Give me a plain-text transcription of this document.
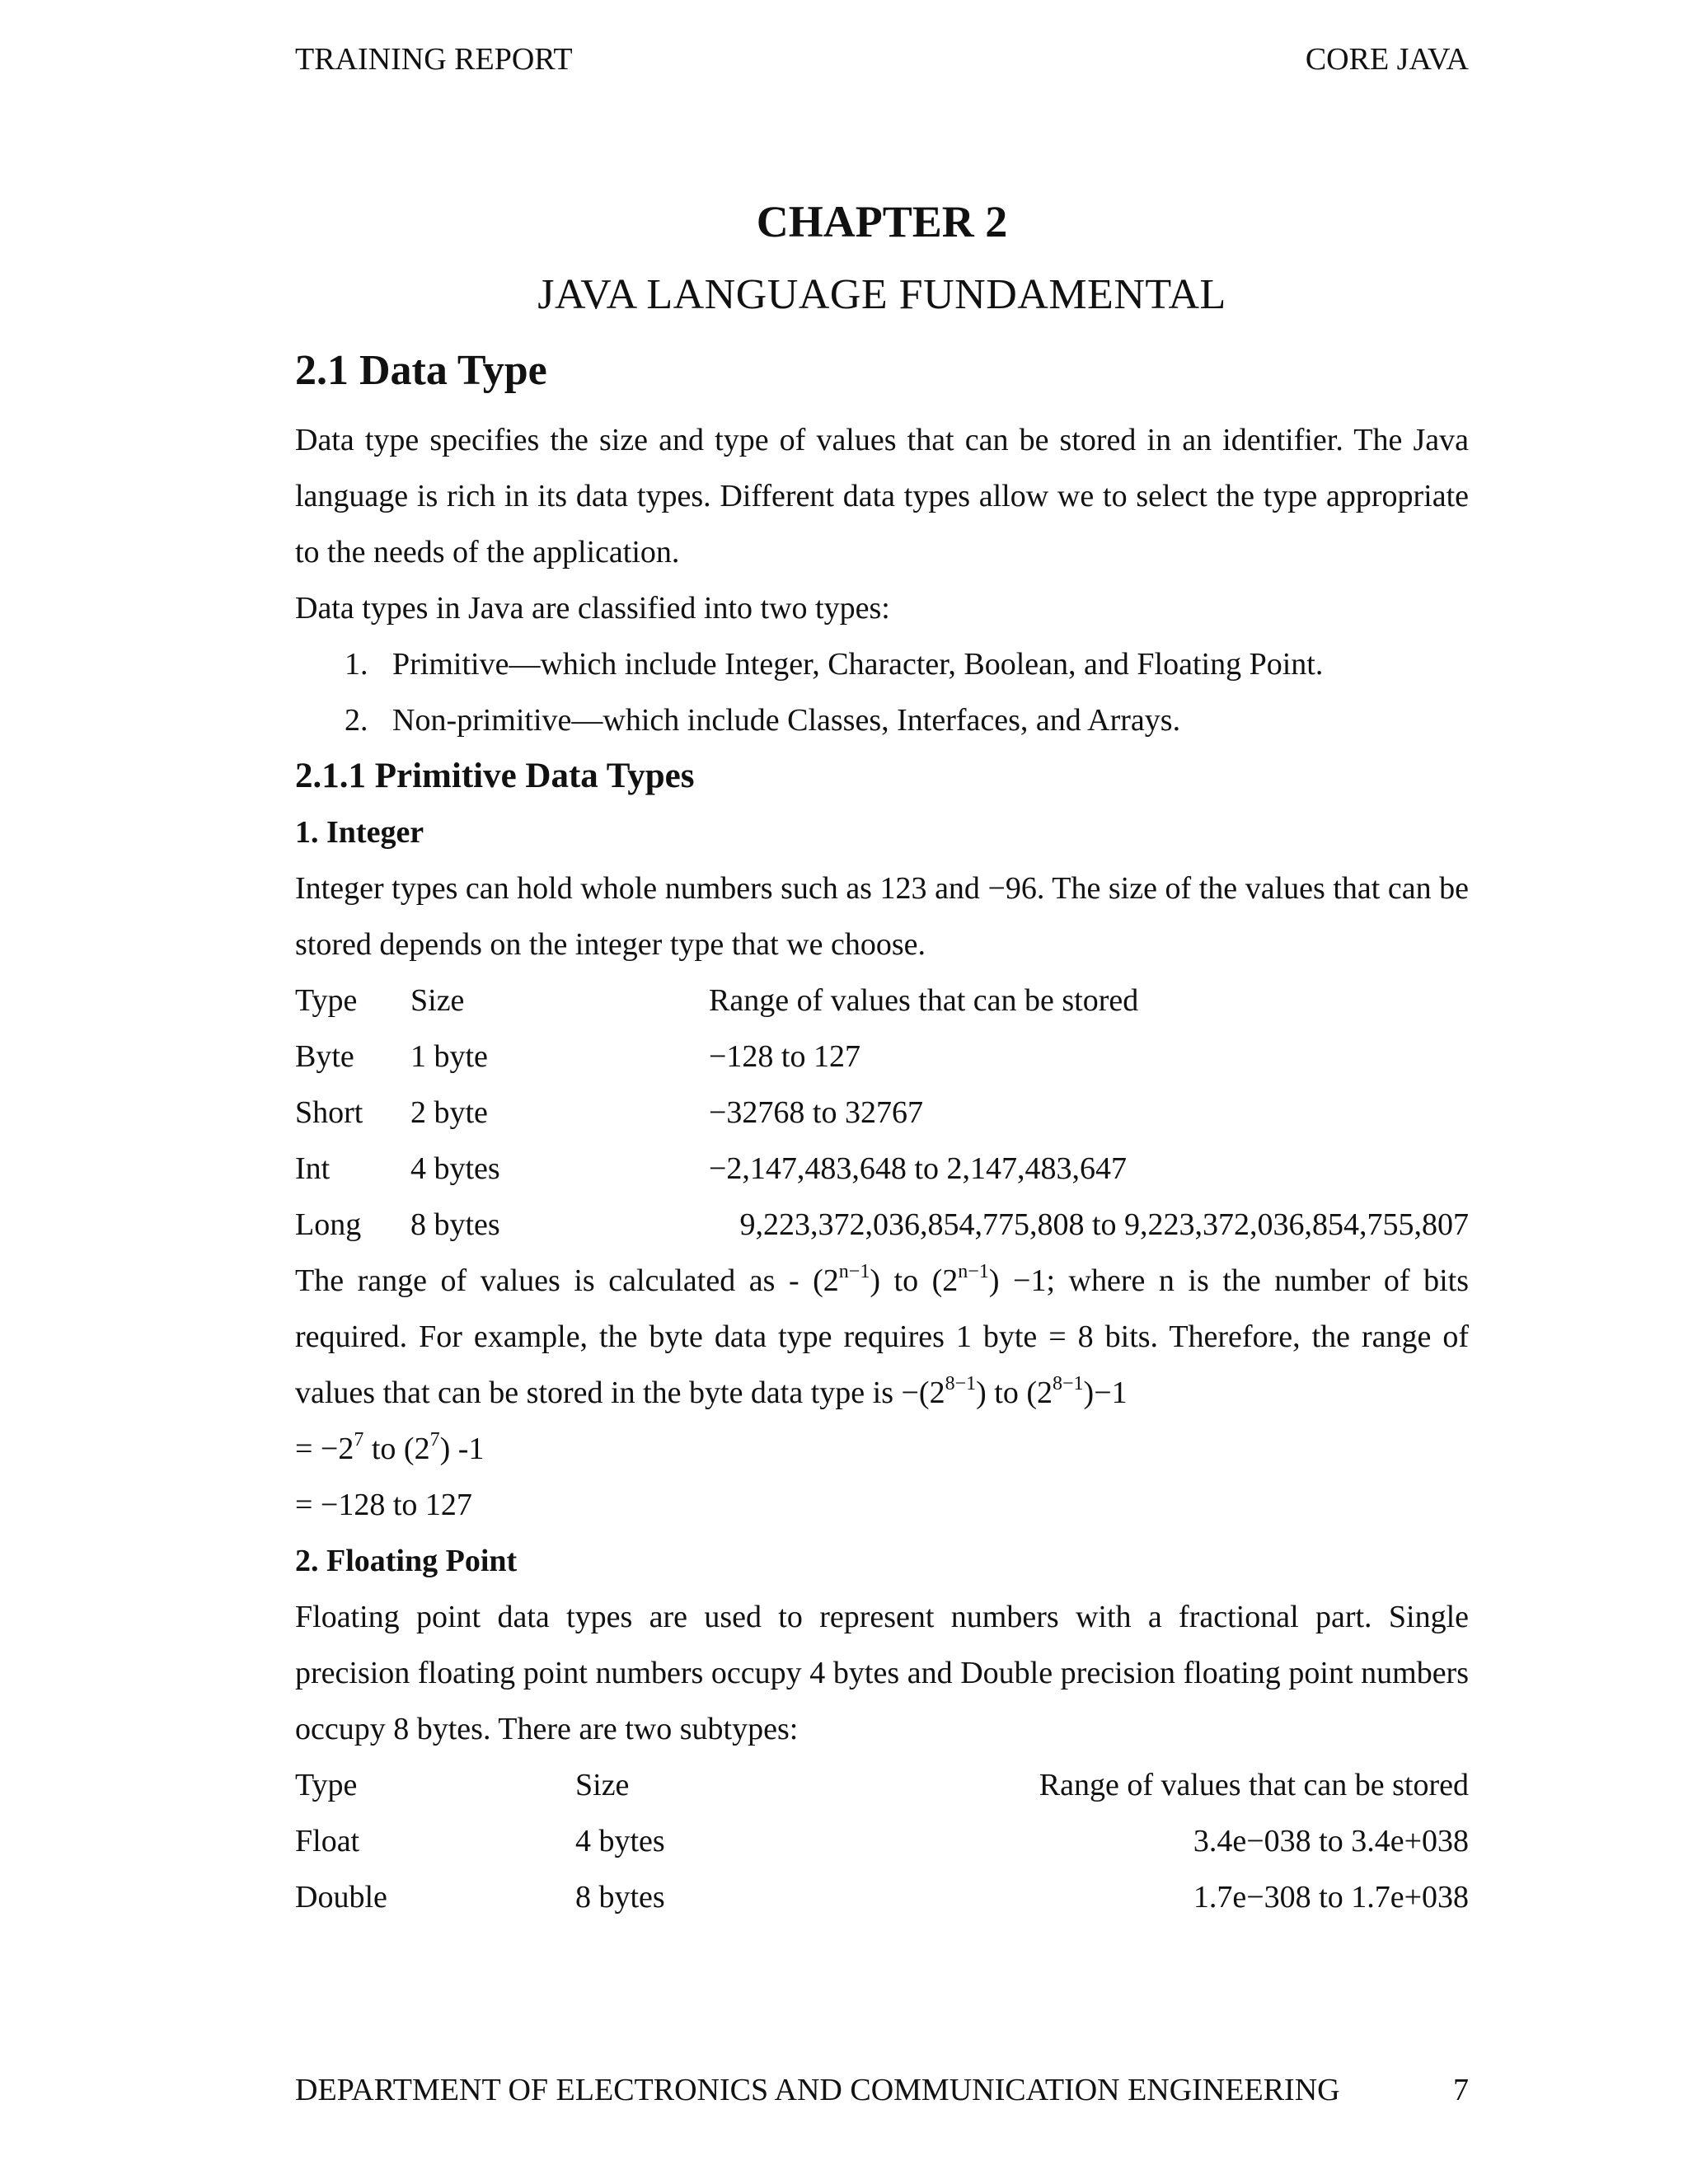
TRAINING REPORT	CORE JAVA
CHAPTER 2
JAVA LANGUAGE FUNDAMENTAL
2.1 Data Type

Data type specifies the size and type of values that can be stored in an identifier. The Java language is rich in its data types. Different data types allow we to select the type appropriate to the needs of the application.

Data types in Java are classified into two types:

1. Primitive—which include Integer, Character, Boolean, and Floating Point.
2. Non-primitive—which include Classes, Interfaces, and Arrays.
2.1.1 Primitive Data Types
1. Integer

Integer types can hold whole numbers such as 123 and −96. The size of the values that can be stored depends on the integer type that we choose.

Type	Size	Range of values that can be stored
Byte	1 byte	−128 to 127
Short	2 byte	−32768 to 32767
Int	4 bytes	−2,147,483,648 to 2,147,483,647
Long	8 bytes	9,223,372,036,854,775,808 to 9,223,372,036,854,755,807

The range of values is calculated as - $(2^{n-1})$ to $(2^{n-1}) -1$; where n is the number of bits required. For example, the byte data type requires 1 byte = 8 bits. Therefore, the range of values that can be stored in the byte data type is $-(2^{8-1})$ to $(2^{8-1})-1$

= $-2^7$ to $(2^7)$ -1

= −128 to 127

2. Floating Point

Floating point data types are used to represent numbers with a fractional part. Single precision floating point numbers occupy 4 bytes and Double precision floating point numbers occupy 8 bytes. There are two subtypes:

Type	Size	Range of values that can be stored
Float	4 bytes	3.4e−038 to 3.4e+038
Double	8 bytes	1.7e−308 to 1.7e+038
DEPARTMENT OF ELECTRONICS AND COMMUNICATION ENGINEERING	7
